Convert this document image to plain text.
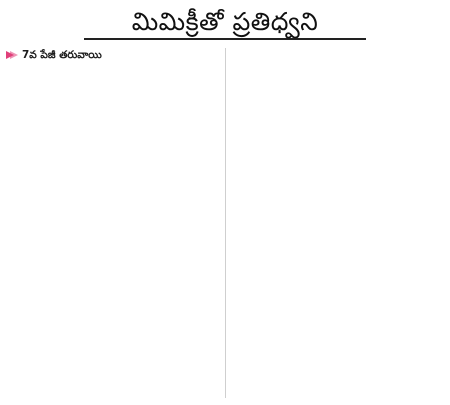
మిమిక్రీతో ప్రతిధ్వని
7వ పేజీ తరువాయి
